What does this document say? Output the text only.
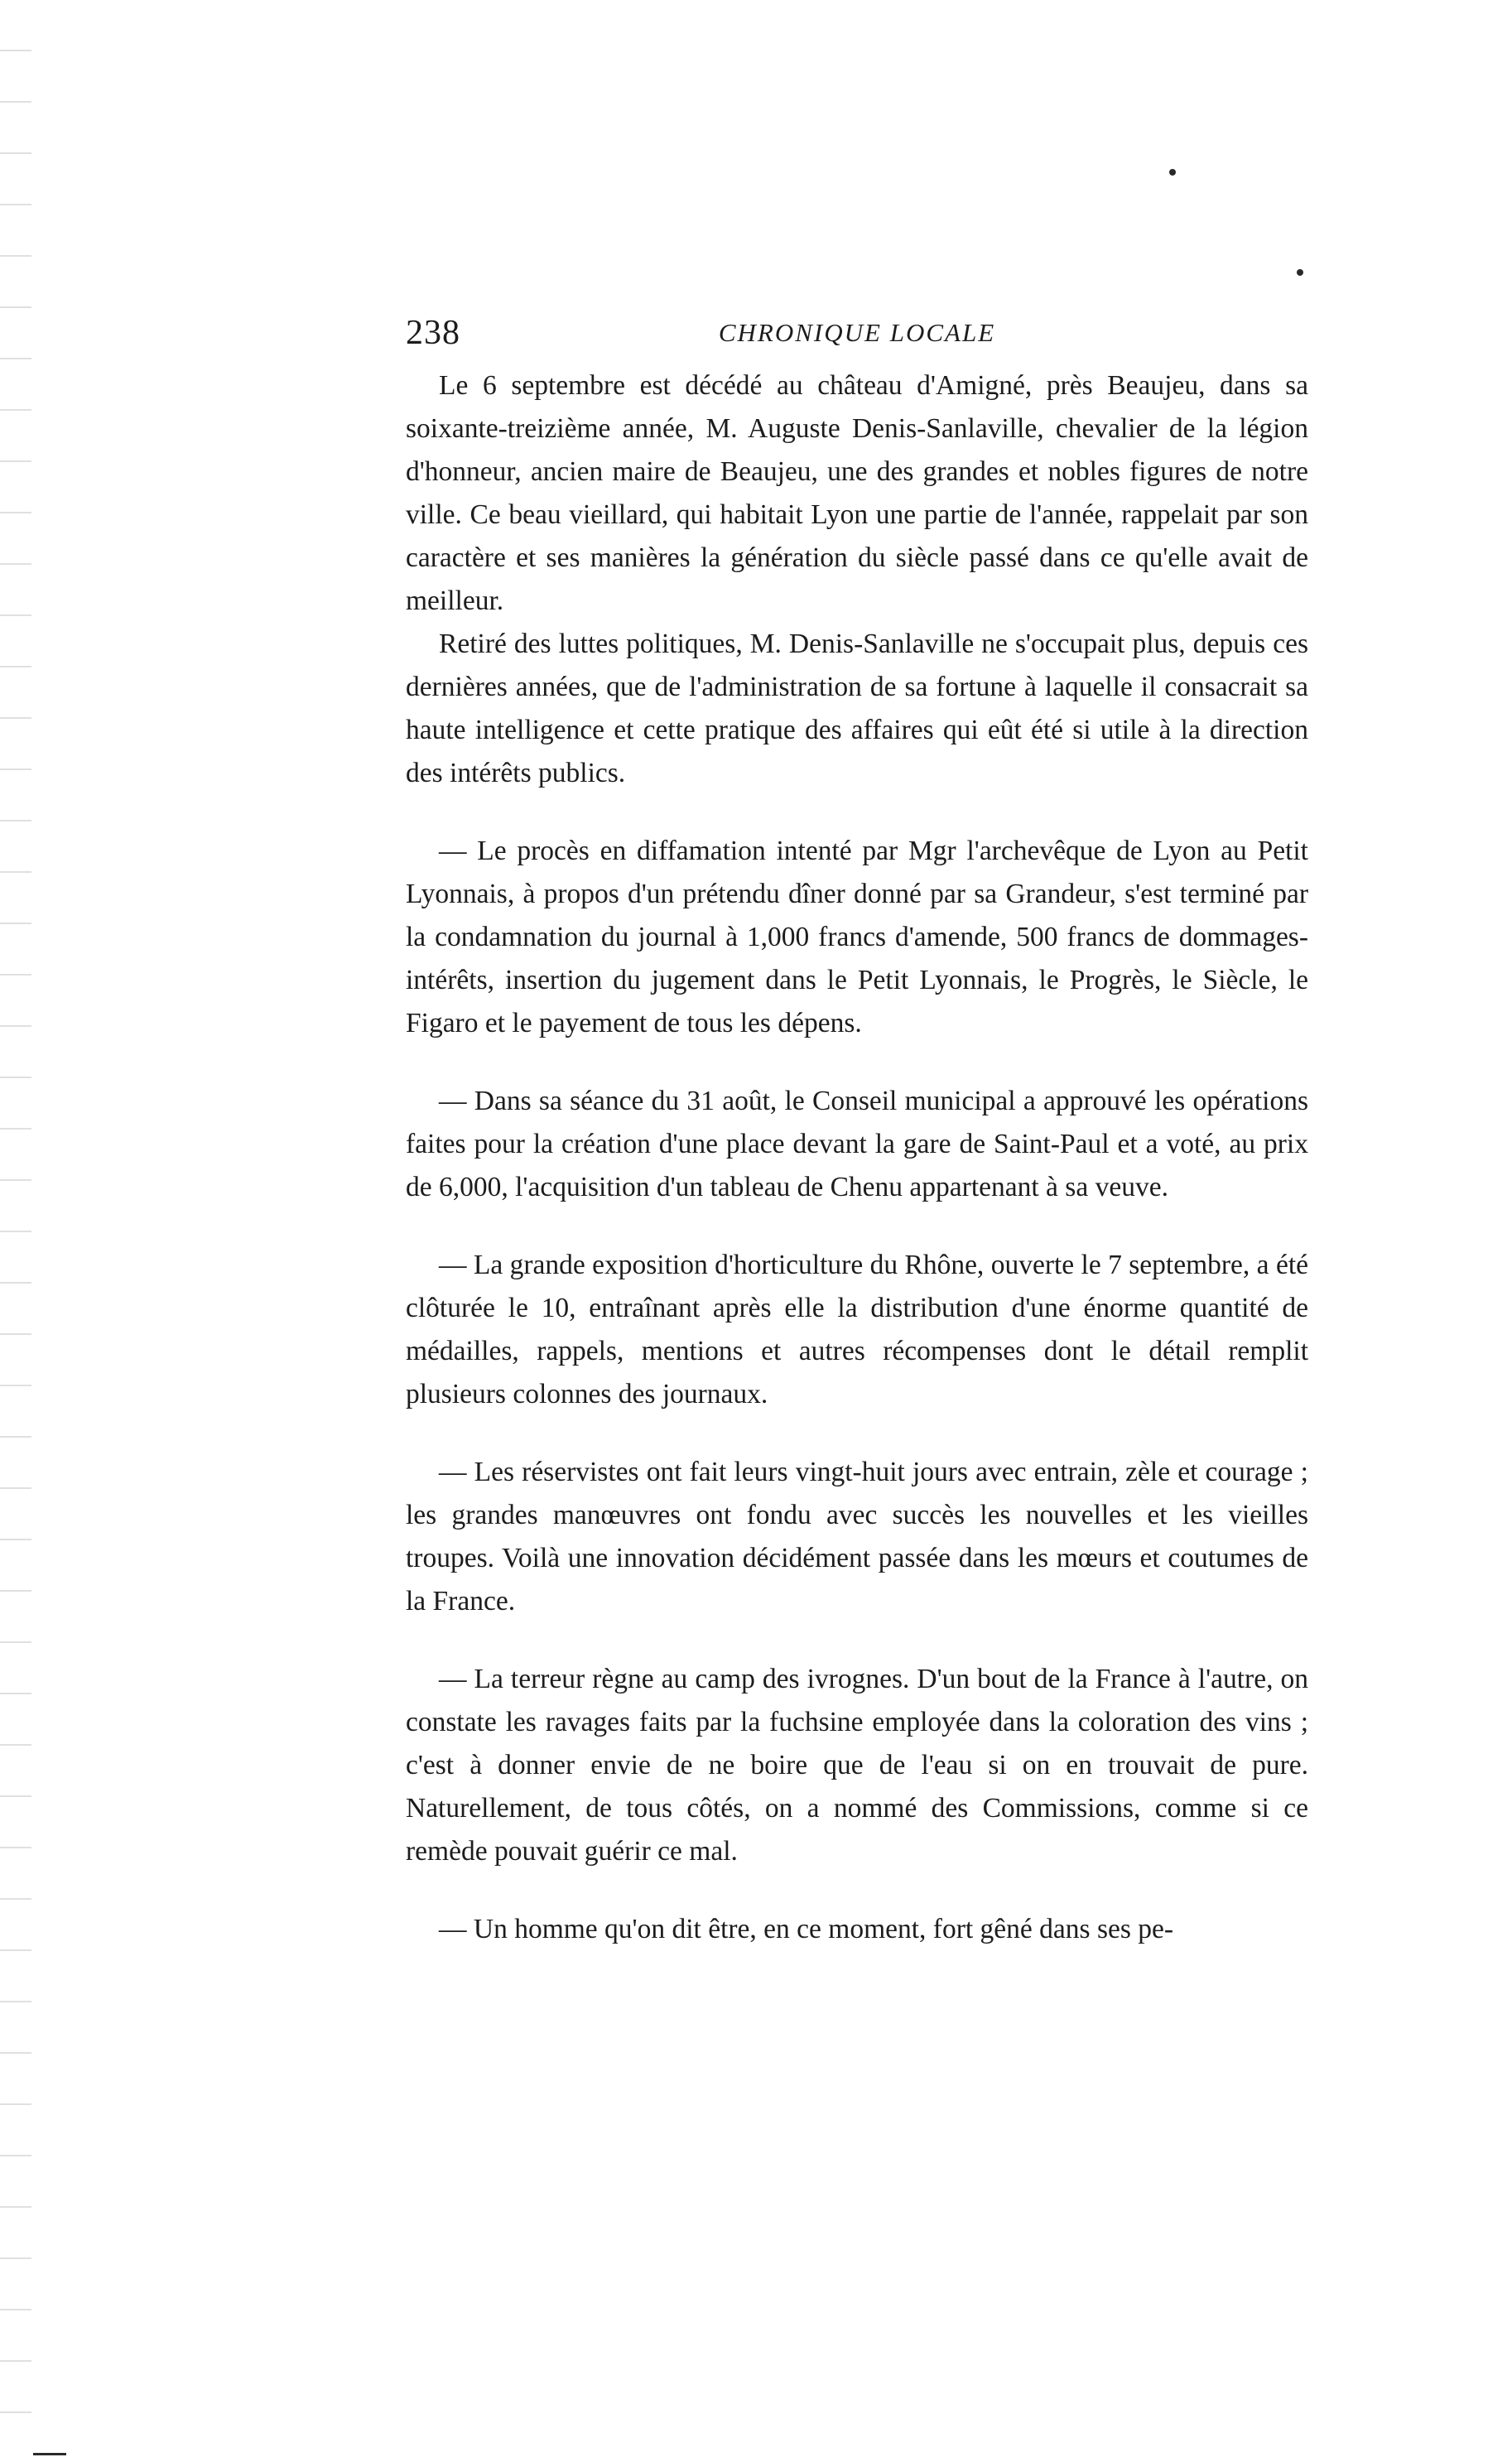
238	CHRONIQUE LOCALE

Le 6 septembre est décédé au château d'Amigné, près Beaujeu, dans sa soixante-treizième année, M. Auguste Denis-Sanlaville, chevalier de la légion d'honneur, ancien maire de Beaujeu, une des grandes et nobles figures de notre ville. Ce beau vieillard, qui habitait Lyon une partie de l'année, rappelait par son caractère et ses manières la génération du siècle passé dans ce qu'elle avait de meilleur.

Retiré des luttes politiques, M. Denis-Sanlaville ne s'occupait plus, depuis ces dernières années, que de l'administration de sa fortune à laquelle il consacrait sa haute intelligence et cette pratique des affaires qui eût été si utile à la direction des intérêts publics.

— Le procès en diffamation intenté par Mgr l'archevêque de Lyon au Petit Lyonnais, à propos d'un prétendu dîner donné par sa Grandeur, s'est terminé par la condamnation du journal à 1,000 francs d'amende, 500 francs de dommages-intérêts, insertion du jugement dans le Petit Lyonnais, le Progrès, le Siècle, le Figaro et le payement de tous les dépens.

— Dans sa séance du 31 août, le Conseil municipal a approuvé les opérations faites pour la création d'une place devant la gare de Saint-Paul et a voté, au prix de 6,000, l'acquisition d'un tableau de Chenu appartenant à sa veuve.

— La grande exposition d'horticulture du Rhône, ouverte le 7 septembre, a été clôturée le 10, entraînant après elle la distribution d'une énorme quantité de médailles, rappels, mentions et autres récompenses dont le détail remplit plusieurs colonnes des journaux.

— Les réservistes ont fait leurs vingt-huit jours avec entrain, zèle et courage ; les grandes manœuvres ont fondu avec succès les nouvelles et les vieilles troupes. Voilà une innovation décidément passée dans les mœurs et coutumes de la France.

— La terreur règne au camp des ivrognes. D'un bout de la France à l'autre, on constate les ravages faits par la fuchsine employée dans la coloration des vins ; c'est à donner envie de ne boire que de l'eau si on en trouvait de pure. Naturellement, de tous côtés, on a nommé des Commissions, comme si ce remède pouvait guérir ce mal.

— Un homme qu'on dit être, en ce moment, fort gêné dans ses pe-
